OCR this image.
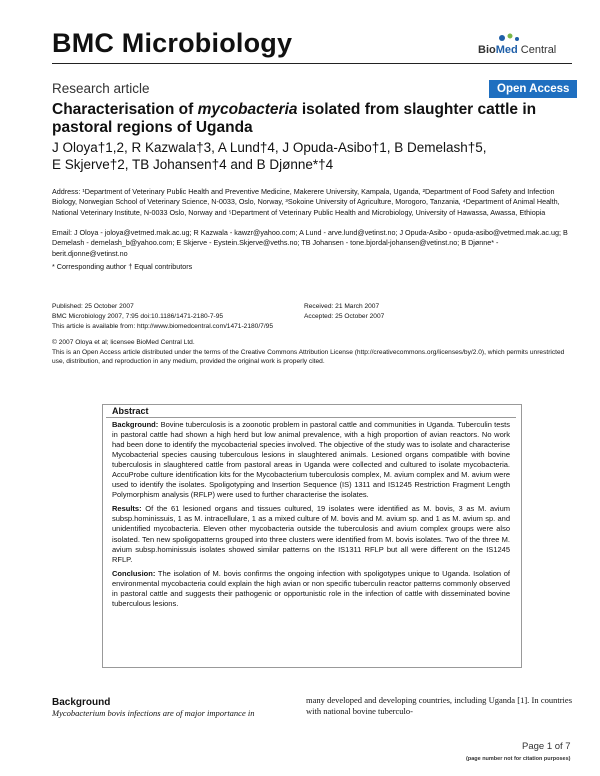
BMC Microbiology	BioMed Central
Research article	Open Access
Characterisation of mycobacteria isolated from slaughter cattle in pastoral regions of Uganda
J Oloya†1,2, R Kazwala†3, A Lund†4, J Opuda-Asibo†1, B Demelash†5,
E Skjerve†2, TB Johansen†4 and B Djønne*†4
Address: ¹Department of Veterinary Public Health and Preventive Medicine, Makerere University, Kampala, Uganda, ²Department of Food Safety and Infection Biology, Norwegian School of Veterinary Science, N-0033, Oslo, Norway, ³Sokoine University of Agriculture, Morogoro, Tanzania, ⁴Department of Animal Health, National Veterinary Institute, N-0033 Oslo, Norway and ⁵Department of Veterinary Public Health and Microbiology, University of Hawassa, Awassa, Ethiopia
Email: J Oloya - joloya@vetmed.mak.ac.ug; R Kazwala - kawzr@yahoo.com; A Lund - arve.lund@vetinst.no; J Opuda-Asibo - opuda-asibo@vetmed.mak.ac.ug; B Demelash - demelash_b@yahoo.com; E Skjerve - Eystein.Skjerve@veths.no; TB Johansen - tone.bjordal-johansen@vetinst.no; B Djønne* - berit.djonne@vetinst.no
* Corresponding author † Equal contributors
Published: 25 October 2007	Received: 21 March 2007
BMC Microbiology 2007, 7:95 doi:10.1186/1471-2180-7-95	Accepted: 25 October 2007
This article is available from: http://www.biomedcentral.com/1471-2180/7/95
© 2007 Oloya et al; licensee BioMed Central Ltd.
This is an Open Access article distributed under the terms of the Creative Commons Attribution License (http://creativecommons.org/licenses/by/2.0), which permits unrestricted use, distribution, and reproduction in any medium, provided the original work is properly cited.
Abstract

Background: Bovine tuberculosis is a zoonotic problem in pastoral cattle and communities in Uganda. Tuberculin tests in pastoral cattle had shown a high herd but low animal prevalence, with a high proportion of avian reactors. No work had been done to identify the mycobacterial species involved. The objective of the study was to isolate and characterise Mycobacterial species causing tuberculous lesions in slaughtered animals. Lesioned organs compatible with bovine tuberculosis in slaughtered cattle from pastoral areas in Uganda were collected and cultured to isolate mycobacteria. AccuProbe culture identification kits for the Mycobacterium tuberculosis complex, M. avium complex and M. avium were used to identify the isolates. Spoligotyping and Insertion Sequence (IS) 1311 and IS1245 Restriction Fragment Length Polymorphism analysis (RFLP) were used to further characterise the isolates.

Results: Of the 61 lesioned organs and tissues cultured, 19 isolates were identified as M. bovis, 3 as M. avium subsp.hominissuis, 1 as M. intracellulare, 1 as a mixed culture of M. bovis and M. avium sp. and 1 as M. avium sp. and unidentified mycobacteria. Eleven other mycobacteria outside the tuberculosis and avium complex groups were also isolated. Ten new spoligopatterns grouped into three clusters were identified from M. bovis isolates. Two of the three M. avium subsp.hominissuis isolates showed similar patterns on the IS1311 RFLP but all were different on the IS1245 RFLP.

Conclusion: The isolation of M. bovis confirms the ongoing infection with spoligotypes unique to Uganda. Isolation of environmental mycobacteria could explain the high avian or non specific tuberculin reactor patterns commonly observed in pastoral cattle and suggests their pathogenic or opportunistic role in the infection of cattle with disseminated bovine tuberculous lesions.

Background
Mycobacterium bovis infections are of major importance in
many developed and developing countries, including Uganda [1]. In countries with national bovine tuberculo-
Page 1 of 7
(page number not for citation purposes)
